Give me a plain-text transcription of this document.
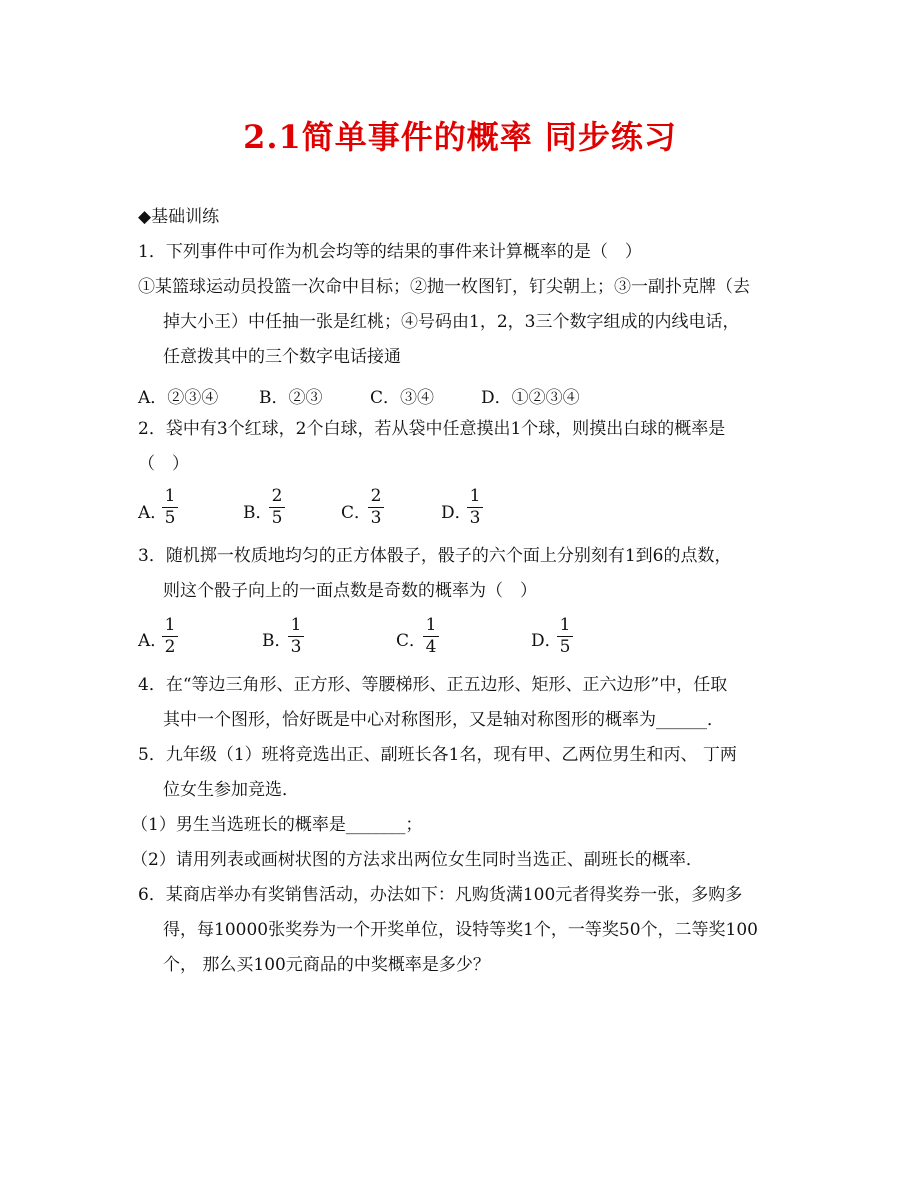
2.1简单事件的概率 同步练习
◆基础训练
1．下列事件中可作为机会均等的结果的事件来计算概率的是（　）
①某篮球运动员投篮一次命中目标；②抛一枚图钉，钉尖朝上；③一副扑克牌（去
掉大小王）中任抽一张是红桃；④号码由1，2，3三个数字组成的内线电话，
任意拨其中的三个数字电话接通
A．②③④ B．②③	C．③④	D．①②③④
2．袋中有3个红球，2个白球，若从袋中任意摸出1个球，则摸出白球的概率是
（　）
A．
1
5	B．
2
5	C．
2
3	D．
1
3
3．随机掷一枚质地均匀的正方体骰子，骰子的六个面上分别刻有1到6的点数，
则这个骰子向上的一面点数是奇数的概率为（　）
A．
1
2	B．
1
3	C．
1
4	D．
1
5
4．在“等边三角形、正方形、等腰梯形、正五边形、矩形、正六边形”中，任取
其中一个图形，恰好既是中心对称图形，又是轴对称图形的概率为______．
5．九年级（1）班将竞选出正、副班长各1名，现有甲、乙两位男生和丙、 丁两
位女生参加竞选．
（1）男生当选班长的概率是_______；
（2）请用列表或画树状图的方法求出两位女生同时当选正、副班长的概率．
6．某商店举办有奖销售活动，办法如下：凡购货满100元者得奖券一张，多购多
得，每10000张奖券为一个开奖单位，设特等奖1个，一等奖50个，二等奖100
个， 那么买100元商品的中奖概率是多少？
